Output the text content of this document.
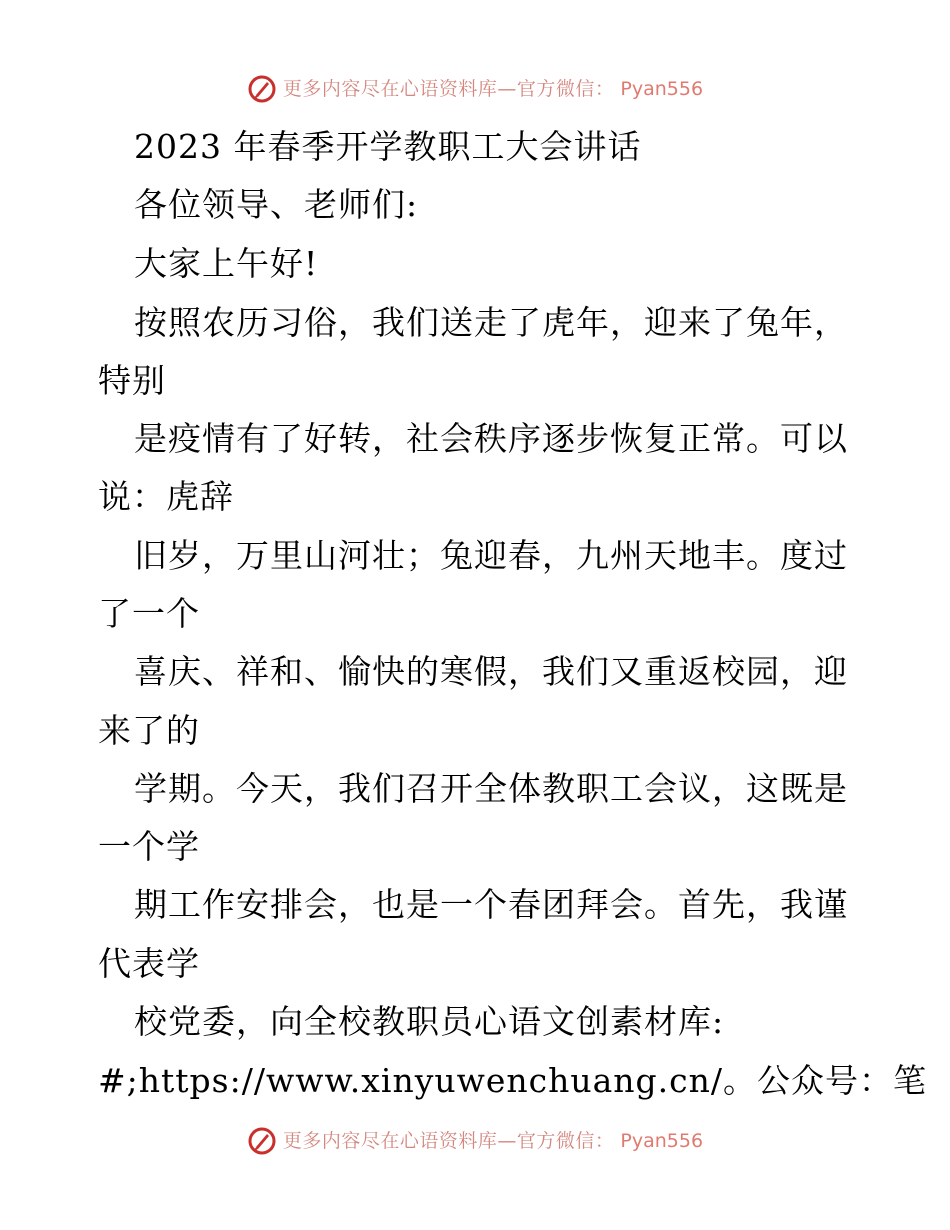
更多内容尽在心语资料库—官方微信： Pyan556
2023 年春季开学教职工大会讲话
各位领导、老师们:
大家上午好!
按照农历习俗，我们送走了虎年，迎来了兔年，
特别
是疫情有了好转，社会秩序逐步恢复正常。可以
说：虎辞
旧岁，万里山河壮；兔迎春，九州天地丰。度过
了一个
喜庆、祥和、愉快的寒假，我们又重返校园，迎
来了的
学期。今天，我们召开全体教职工会议，这既是
一个学
期工作安排会，也是一个春团拜会。首先，我谨
代表学
校党委，向全校教职员心语文创素材库:
#;https://www.xinyuwenchuang.cn/。公众号：笔
更多内容尽在心语资料库—官方微信： Pyan556
